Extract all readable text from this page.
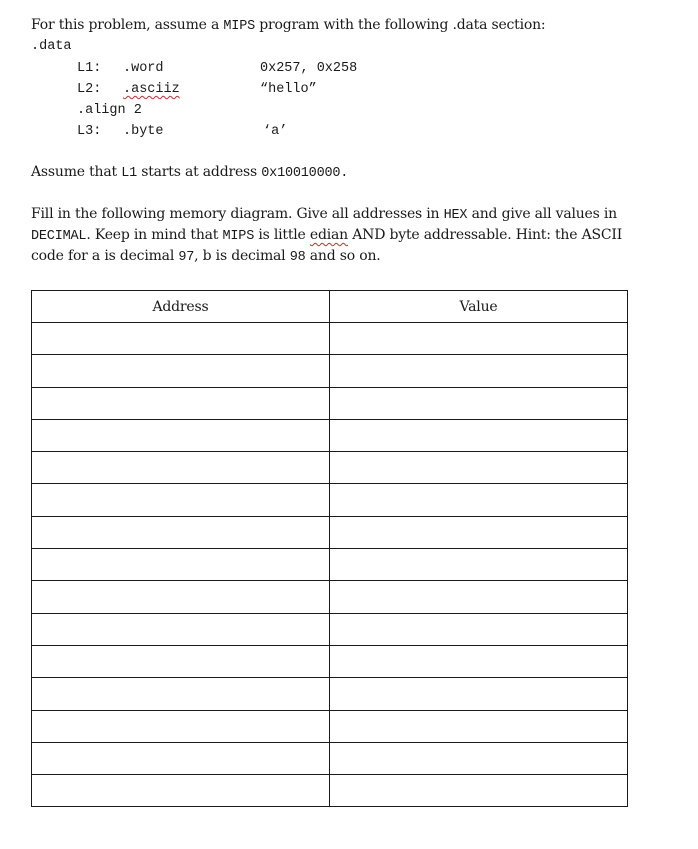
For this problem, assume a MIPS program with the following .data section:
.data
L1: .word	0x257, 0x258
L2: .asciiz	“hello”
.align 2
L3: .byte	‘a’
Assume that L1 starts at address 0x10010000.
Fill in the following memory diagram. Give all addresses in HEX and give all values in
DECIMAL. Keep in mind that MIPS is little edian AND byte addressable. Hint: the ASCII
code for a is decimal 97, b is decimal 98 and so on.
Address	Value
